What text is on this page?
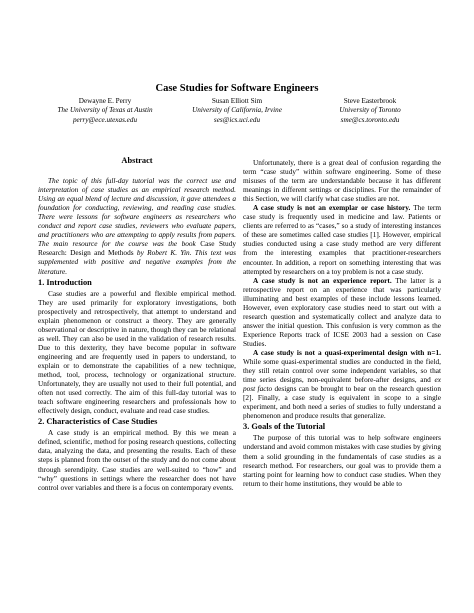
Case Studies for Software Engineers
Dewayne E. Perry
The University of Texas at Austin
perry@ece.utexas.edu
Susan Elliott Sim
University of California, Irvine
ses@ics.uci.edu
Steve Easterbrook
University of Toronto
sme@cs.toronto.edu
Abstract

The topic of this full-day tutorial was the correct use and interpretation of case studies as an empirical research method. Using an equal blend of lecture and discussion, it gave attendees a foundation for conducting, reviewing, and reading case studies. There were lessons for software engineers as researchers who conduct and report case studies, reviewers who evaluate papers, and practitioners who are attempting to apply results from papers. The main resource for the course was the book Case Study Research: Design and Methods by Robert K. Yin. This text was supplemented with positive and negative examples from the literature.

1. Introduction

Case studies are a powerful and flexible empirical method. They are used primarily for exploratory investigations, both prospectively and retrospectively, that attempt to understand and explain phenomenon or construct a theory. They are generally observational or descriptive in nature, though they can be relational as well. They can also be used in the validation of research results. Due to this dexterity, they have become popular in software engineering and are frequently used in papers to understand, to explain or to demonstrate the capabilities of a new technique, method, tool, process, technology or organizational structure. Unfortunately, they are usually not used to their full potential, and often not used correctly. The aim of this full-day tutorial was to teach software engineering researchers and professionals how to effectively design, conduct, evaluate and read case studies.

2. Characteristics of Case Studies

A case study is an empirical method. By this we mean a defined, scientific, method for posing research questions, collecting data, analyzing the data, and presenting the results. Each of these steps is planned from the outset of the study and do not come about through serendipity. Case studies are well-suited to “how” and “why” questions in settings where the researcher does not have control over variables and there is a focus on contemporary events.

Unfortunately, there is a great deal of confusion regarding the term “case study” within software engineering. Some of these misuses of the term are understandable because it has different meanings in different settings or disciplines. For the remainder of this Section, we will clarify what case studies are not.

A case study is not an exemplar or case history. The term case study is frequently used in medicine and law. Patients or clients are referred to as “cases,” so a study of interesting instances of these are sometimes called case studies [1]. However, empirical studies conducted using a case study method are very different from the interesting examples that practitioner-researchers encounter. In addition, a report on something interesting that was attempted by researchers on a toy problem is not a case study.

A case study is not an experience report. The latter is a retrospective report on an experience that was particularly illuminating and best examples of these include lessons learned. However, even exploratory case studies need to start out with a research question and systematically collect and analyze data to answer the initial question. This confusion is very common as the Experience Reports track of ICSE 2003 had a session on Case Studies.

A case study is not a quasi-experimental design with n=1. While some quasi-experimental studies are conducted in the field, they still retain control over some independent variables, so that time series designs, non-equivalent before-after designs, and ex post facto designs can be brought to bear on the research question [2]. Finally, a case study is equivalent in scope to a single experiment, and both need a series of studies to fully understand a phenomenon and produce results that generalize.

3. Goals of the Tutorial

The purpose of this tutorial was to help software engineers understand and avoid common mistakes with case studies by giving them a solid grounding in the fundamentals of case studies as a research method. For researchers, our goal was to provide them a starting point for learning how to conduct case studies. When they return to their home institutions, they would be able to
